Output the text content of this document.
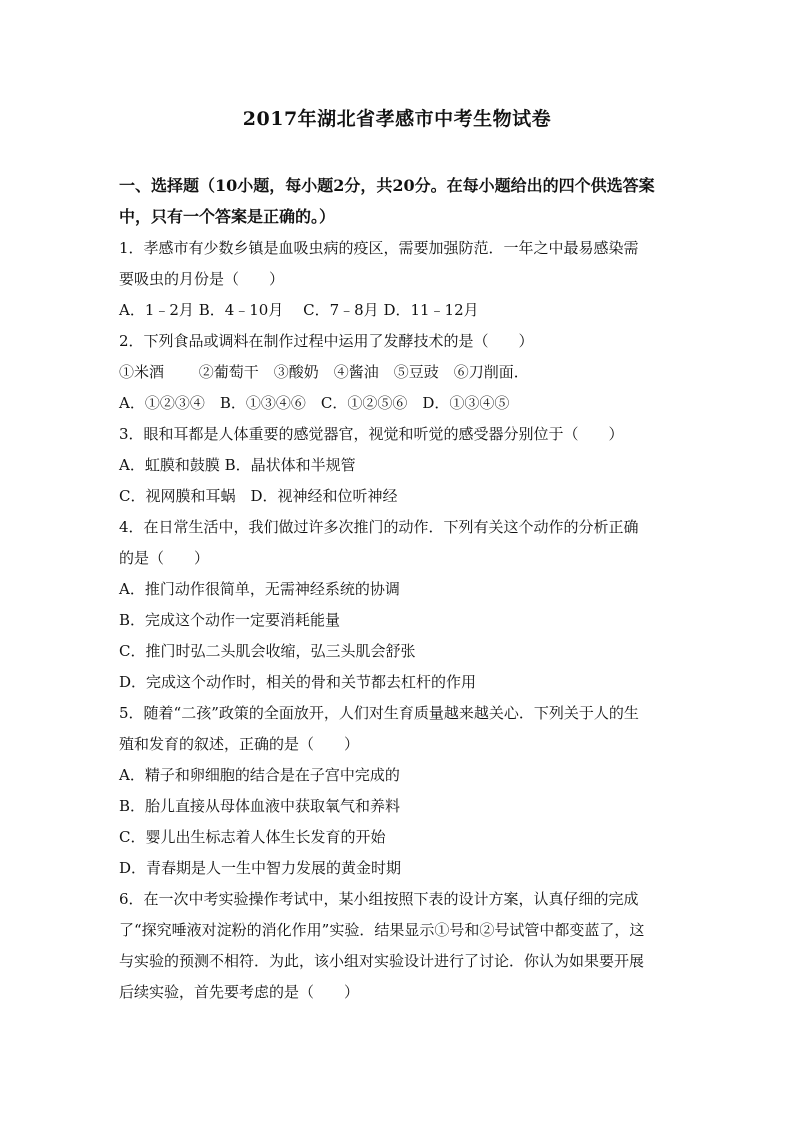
2017年湖北省孝感市中考生物试卷
一、选择题（10小题，每小题2分，共20分。在每小题给出的四个供选答案
中，只有一个答案是正确的。）
1．孝感市有少数乡镇是血吸虫病的疫区，需要加强防范．一年之中最易感染需
要吸虫的月份是（　　）
A．1﹣2月 B．4﹣10月　 C．7﹣8月 D．11﹣12月
2．下列食品或调料在制作过程中运用了发酵技术的是（　　）
①米酒　　 ②葡萄干　③酸奶　④酱油　⑤豆豉　⑥刀削面．
A．①②③④　B．①③④⑥　C．①②⑤⑥　D．①③④⑤
3．眼和耳都是人体重要的感觉器官，视觉和听觉的感受器分别位于（　　）
A．虹膜和鼓膜 B．晶状体和半规管
C．视网膜和耳蜗　D．视神经和位听神经
4．在日常生活中，我们做过许多次推门的动作．下列有关这个动作的分析正确
的是（　　）
A．推门动作很简单，无需神经系统的协调
B．完成这个动作一定要消耗能量
C．推门时弘二头肌会收缩，弘三头肌会舒张
D．完成这个动作时，相关的骨和关节都去杠杆的作用
5．随着“二孩”政策的全面放开，人们对生育质量越来越关心．下列关于人的生
殖和发育的叙述，正确的是（　　）
A．精子和卵细胞的结合是在子宫中完成的
B．胎儿直接从母体血液中获取氧气和养料
C．婴儿出生标志着人体生长发育的开始
D．青春期是人一生中智力发展的黄金时期
6．在一次中考实验操作考试中，某小组按照下表的设计方案，认真仔细的完成
了“探究唾液对淀粉的消化作用”实验．结果显示①号和②号试管中都变蓝了，这
与实验的预测不相符．为此，该小组对实验设计进行了讨论．你认为如果要开展
后续实验，首先要考虑的是（　　）
